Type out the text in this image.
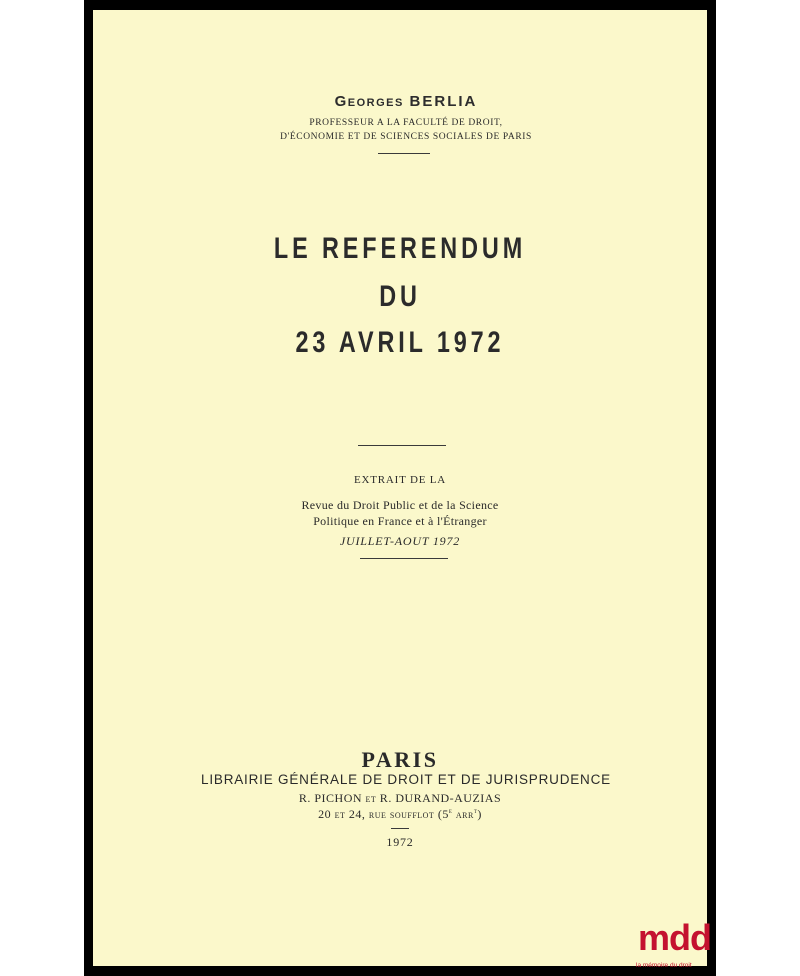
Georges BERLIA
PROFESSEUR A LA FACULTÉ DE DROIT,
D'ÉCONOMIE ET DE SCIENCES SOCIALES DE PARIS
LE REFERENDUM
DU
23 AVRIL 1972
EXTRAIT DE LA
Revue du Droit Public et de la Science
Politique en France et à l'Étranger
JUILLET-AOUT 1972
PARIS
LIBRAIRIE GÉNÉRALE DE DROIT ET DE JURISPRUDENCE
R. PICHON et R. DURAND-AUZIAS
20 et 24, rue soufflot (5e arr$^t$)
1972
mdd
la mémoire du droit
